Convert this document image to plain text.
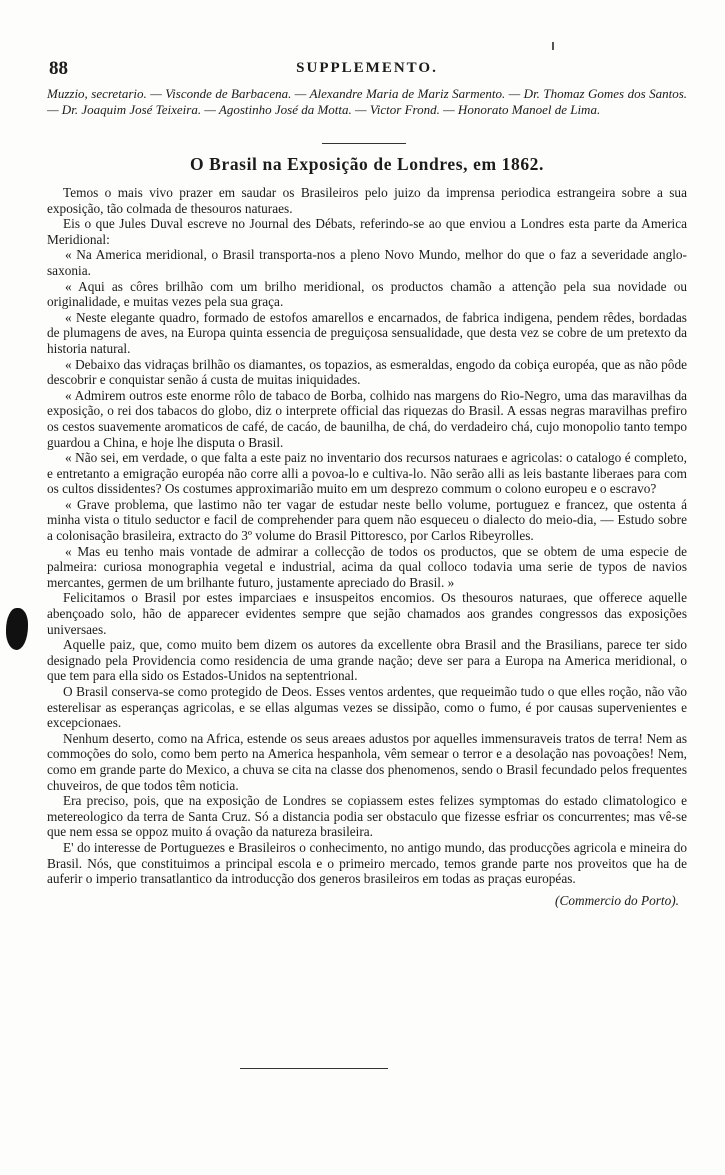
88	SUPPLEMENTO.

Muzzio, secretario. — Visconde de Barbacena. — Alexandre Maria de Mariz Sarmento. — Dr. Thomaz Gomes dos Santos. — Dr. Joaquim José Teixeira. — Agostinho José da Motta. — Victor Frond. — Honorato Manoel de Lima.

O Brasil na Exposição de Londres, em 1862.

Temos o mais vivo prazer em saudar os Brasileiros pelo juizo da imprensa periodica estrangeira sobre a sua exposição, tão colmada de thesouros naturaes.

Eis o que Jules Duval escreve no Journal des Débats, referindo-se ao que enviou a Londres esta parte da America Meridional:

« Na America meridional, o Brasil transporta-nos a pleno Novo Mundo, melhor do que o faz a severidade anglo-saxonia.

« Aqui as côres brilhão com um brilho meridional, os productos chamão a attenção pela sua novidade ou originalidade, e muitas vezes pela sua graça.

« Neste elegante quadro, formado de estofos amarellos e encarnados, de fabrica indigena, pendem rêdes, bordadas de plumagens de aves, na Europa quinta essencia de preguiçosa sensualidade, que desta vez se cobre de um pretexto da historia natural.

« Debaixo das vidraças brilhão os diamantes, os topazios, as esmeraldas, engodo da cobiça européa, que as não pôde descobrir e conquistar senão á custa de muitas iniquidades.

« Admirem outros este enorme rôlo de tabaco de Borba, colhido nas margens do Rio-Negro, uma das maravilhas da exposição, o rei dos tabacos do globo, diz o interprete official das riquezas do Brasil. A essas negras maravilhas prefiro os cestos suavemente aromaticos de café, de cacáo, de baunilha, de chá, do verdadeiro chá, cujo monopolio tanto tempo guardou a China, e hoje lhe disputa o Brasil.

« Não sei, em verdade, o que falta a este paiz no inventario dos recursos naturaes e agricolas: o catalogo é completo, e entretanto a emigração européa não corre alli a povoa-lo e cultiva-lo. Não serão alli as leis bastante liberaes para com os cultos dissidentes? Os costumes approximarião muito em um desprezo commum o colono europeu e o escravo?

« Grave problema, que lastimo não ter vagar de estudar neste bello volume, portuguez e francez, que ostenta á minha vista o titulo seductor e facil de comprehender para quem não esqueceu o dialecto do meio-dia, — Estudo sobre a colonisação brasileira, extracto do 3º volume do Brasil Pittoresco, por Carlos Ribeyrolles.

« Mas eu tenho mais vontade de admirar a collecção de todos os productos, que se obtem de uma especie de palmeira: curiosa monographia vegetal e industrial, acima da qual colloco todavia uma serie de typos de navios mercantes, germen de um brilhante futuro, justamente apreciado do Brasil. »

Felicitamos o Brasil por estes imparciaes e insuspeitos encomios. Os thesouros naturaes, que offerece aquelle abençoado solo, hão de apparecer evidentes sempre que sejão chamados aos grandes congressos das exposições universaes.

Aquelle paiz, que, como muito bem dizem os autores da excellente obra Brasil and the Brasilians, parece ter sido designado pela Providencia como residencia de uma grande nação; deve ser para a Europa na America meridional, o que tem para ella sido os Estados-Unidos na septentrional.

O Brasil conserva-se como protegido de Deos. Esses ventos ardentes, que requeimão tudo o que elles roção, não vão esterelisar as esperanças agricolas, e se ellas algumas vezes se dissipão, como o fumo, é por causas supervenientes e excepcionaes.

Nenhum deserto, como na Africa, estende os seus areaes adustos por aquelles immensuraveis tratos de terra! Nem as commoções do solo, como bem perto na America hespanhola, vêm semear o terror e a desolação nas povoações! Nem, como em grande parte do Mexico, a chuva se cita na classe dos phenomenos, sendo o Brasil fecundado pelos frequentes chuveiros, de que todos têm noticia.

Era preciso, pois, que na exposição de Londres se copiassem estes felizes symptomas do estado climatologico e metereologico da terra de Santa Cruz. Só a distancia podia ser obstaculo que fizesse esfriar os concurrentes; mas vê-se que nem essa se oppoz muito á ovação da natureza brasileira.

E' do interesse de Portuguezes e Brasileiros o conhecimento, no antigo mundo, das producções agricola e mineira do Brasil. Nós, que constituimos a principal escola e o primeiro mercado, temos grande parte nos proveitos que ha de auferir o imperio transatlantico da introducção dos generos brasileiros em todas as praças européas.

(Commercio do Porto).
